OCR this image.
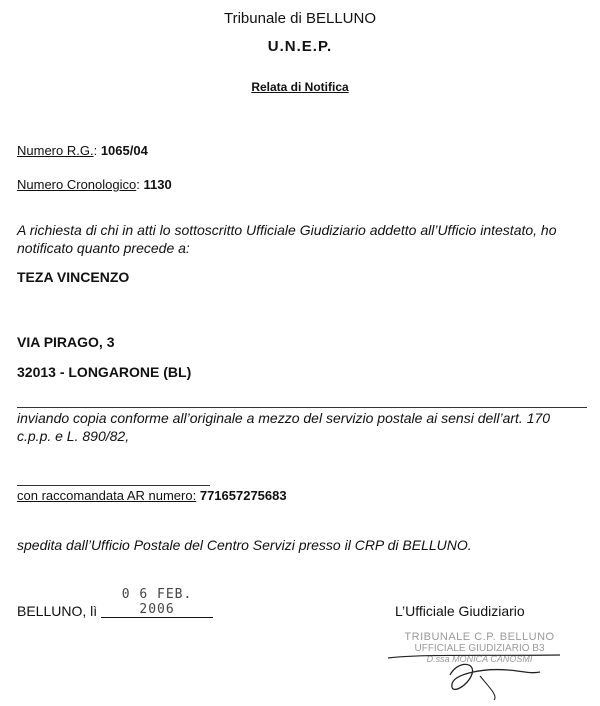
Tribunale di BELLUNO
U.N.E.P.
Relata di Notifica
Numero R.G.: 1065/04
Numero Cronologico: 1130
A richiesta di chi in atti lo sottoscritto Ufficiale Giudiziario addetto all’Ufficio intestato, ho notificato quanto precede a:
TEZA VINCENZO
VIA PIRAGO, 3
32013 - LONGARONE (BL)
inviando copia conforme all’originale a mezzo del servizio postale ai sensi dell’art. 170 c.p.p. e L. 890/82,
con raccomandata AR numero: 771657275683
spedita dall’Ufficio Postale del Centro Servizi presso il CRP di BELLUNO.
BELLUNO, lì 0 6 FEB. 2006	L’Ufficiale Giudiziario
TRIBUNALE C.P. BELLUNO
UFFICIALE GIUDIZIARIO B3
D.ssa MONICA CANOSMI
